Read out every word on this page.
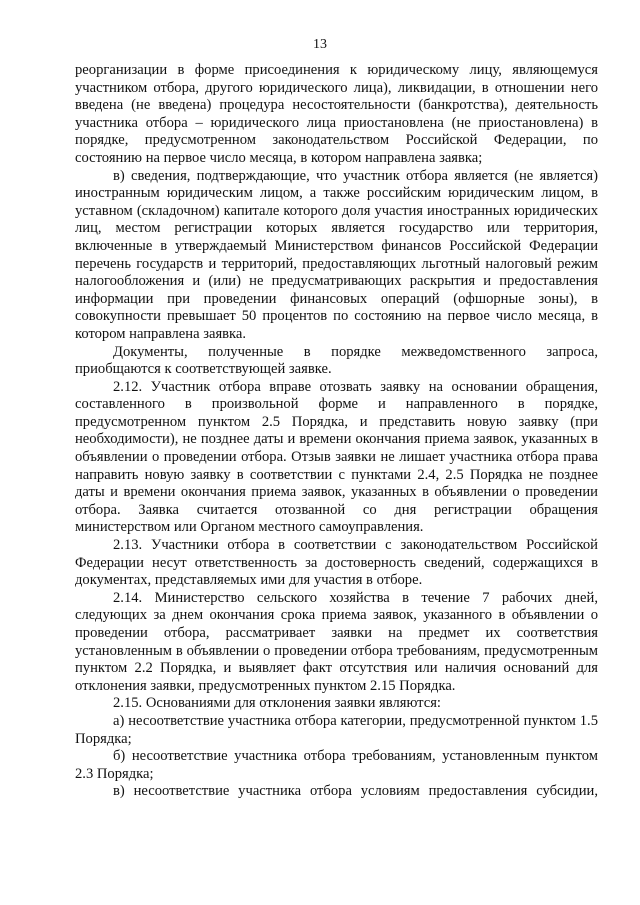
13

реорганизации в форме присоединения к юридическому лицу, являющемуся участником отбора, другого юридического лица), ликвидации, в отношении него введена (не введена) процедура несостоятельности (банкротства), деятельность участника отбора – юридического лица приостановлена (не приостановлена) в порядке, предусмотренном законодательством Российской Федерации, по состоянию на первое число месяца, в котором направлена заявка;

в) сведения, подтверждающие, что участник отбора является (не является) иностранным юридическим лицом, а также российским юридическим лицом, в уставном (складочном) капитале которого доля участия иностранных юридических лиц, местом регистрации которых является государство или территория, включенные в утверждаемый Министерством финансов Российской Федерации перечень государств и территорий, предоставляющих льготный налоговый режим налогообложения и (или) не предусматривающих раскрытия и предоставления информации при проведении финансовых операций (офшорные зоны), в совокупности превышает 50 процентов по состоянию на первое число месяца, в котором направлена заявка.

Документы, полученные в порядке межведомственного запроса, приобщаются к соответствующей заявке.

2.12. Участник отбора вправе отозвать заявку на основании обращения, составленного в произвольной форме и направленного в порядке, предусмотренном пунктом 2.5 Порядка, и представить новую заявку (при необходимости), не позднее даты и времени окончания приема заявок, указанных в объявлении о проведении отбора. Отзыв заявки не лишает участника отбора права направить новую заявку в соответствии с пунктами 2.4, 2.5 Порядка не позднее даты и времени окончания приема заявок, указанных в объявлении о проведении отбора. Заявка считается отозванной со дня регистрации обращения министерством или Органом местного самоуправления.

2.13. Участники отбора в соответствии с законодательством Российской Федерации несут ответственность за достоверность сведений, содержащихся в документах, представляемых ими для участия в отборе.

2.14. Министерство сельского хозяйства в течение 7 рабочих дней, следующих за днем окончания срока приема заявок, указанного в объявлении о проведении отбора, рассматривает заявки на предмет их соответствия установленным в объявлении о проведении отбора требованиям, предусмотренным пунктом 2.2 Порядка, и выявляет факт отсутствия или наличия оснований для отклонения заявки, предусмотренных пунктом 2.15 Порядка.

2.15. Основаниями для отклонения заявки являются:

а) несоответствие участника отбора категории, предусмотренной пунктом 1.5 Порядка;

б) несоответствие участника отбора требованиям, установленным пунктом 2.3 Порядка;

в) несоответствие участника отбора условиям предоставления субсидии,
